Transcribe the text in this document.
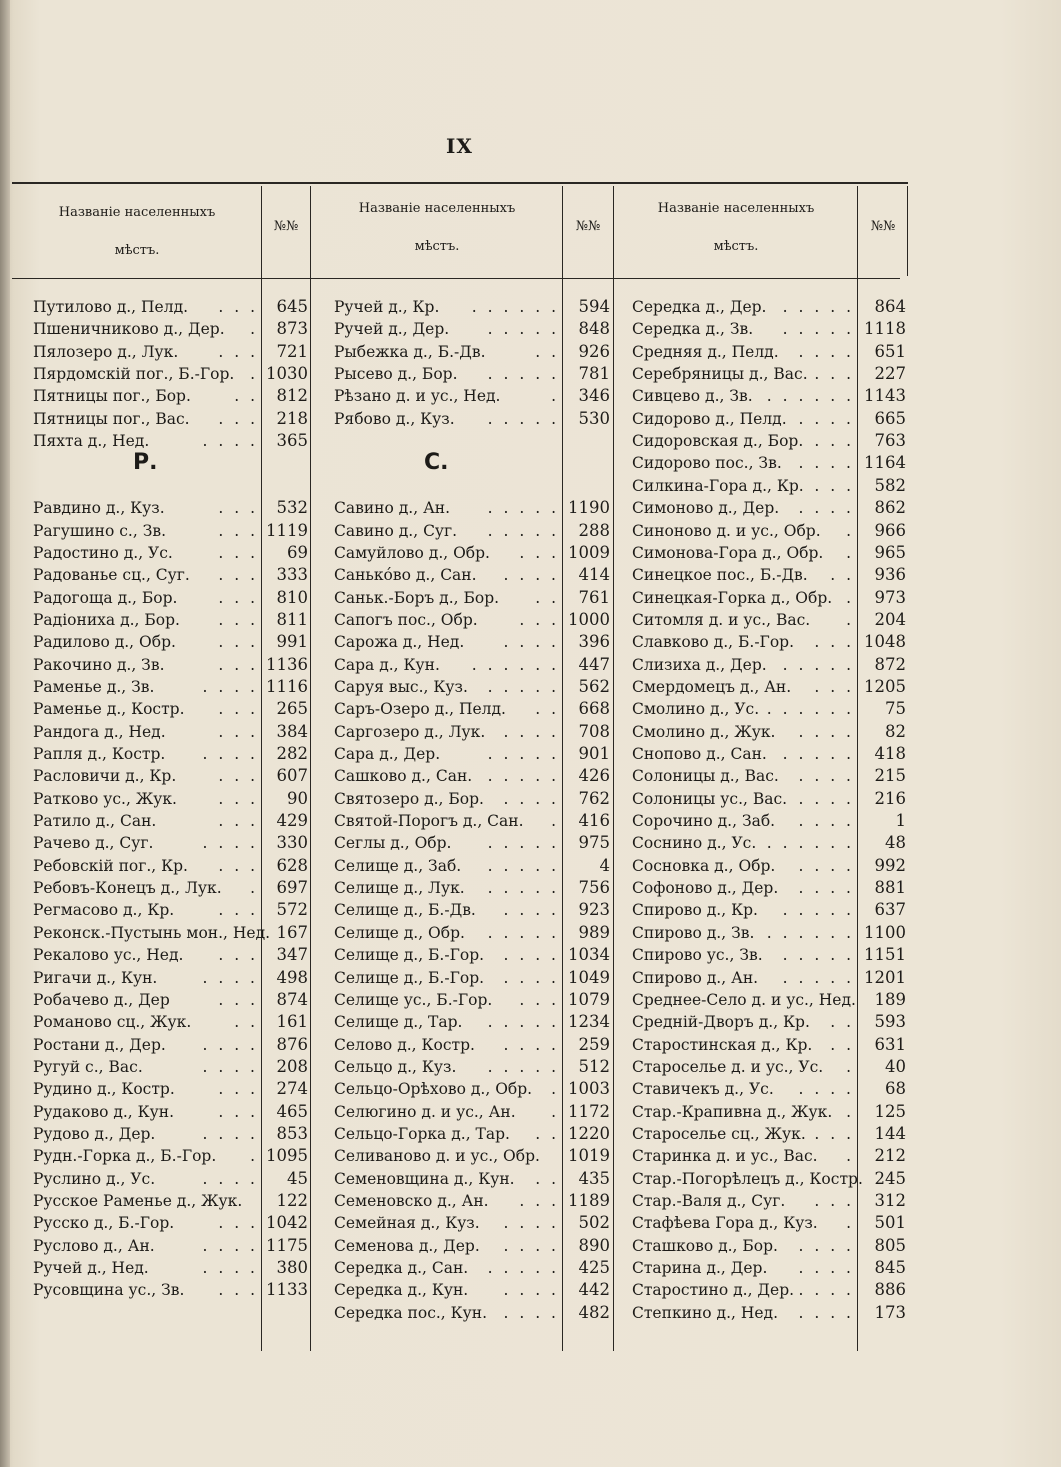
IX
Названіе населенныхъ
мѣстъ.
№№
Названіе населенныхъ
мѣстъ.
№№
Названіе населенныхъ
мѣстъ.
№№
Путилово д., Пелд. . . .	645
Пшеничниково д., Дер. .	873
Пялозеро д., Лук.	. . .	721
Пярдомскій пог., Б.-Гор. . 1030
Пятницы пог., Бор.	. .	812
Пятницы пог., Вас. . . .	218
Пяхта д., Нед.	. . . .	365
Р.
Равдино д., Куз.	. . .	532
Рагушино с., Зв.	. . . 1119
Радостино д., Ус.	. . .	69
Радованье сц., Суг. . . .	333
Радогоща д., Бор.	. . .	810
Радіониха д., Бор. . . .	811
Радилово д., Обр.	. . .	991
Ракочино д., Зв.	. . . 1136
Раменье д., Зв.	. . . . 1116
Раменье д., Костр. . . .	265
Рандога д., Нед.	. . .	384
Рапля д., Костр. . . . .	282
Расловичи д., Кр.	. . .	607
Ратково ус., Жук.	. . .	90
Ратило д., Сан.	. . .	429
Рачево д., Суг.	. . . .	330
Ребовскій пог., Кр. . . .	628
Ребовъ-Конецъ д., Лук. .	697
Регмасово д., Кр.	. . .	572
Реконск.-Пустынь мон., Нед. 167
Рекалово ус., Нед. . . .	347
Ригачи д., Кун.	. . . .	498
Робачево д., Дер	. . .	874
Романово сц., Жук.	. .	161
Ростани д., Дер. . . . .	876
Ругуй с., Вас.	. . . .	208
Рудино д., Костр.	. . .	274
Рудаково д., Кун.	. . .	465
Рудово д., Дер.	. . . .	853
Рудн.-Горка д., Б.-Гор. . 1095
Руслино д., Ус.	. . . .	45
Русское Раменье д., Жук.	122
Русско д., Б.-Гор.	. . . 1042
Руслово д., Ан.	. . . . 1175
Ручей д., Нед.	. . . .	380
Русовщина ус., Зв. . . . 1133
Ручей д., Кр. . . . . . .	594
Ручей д., Дер. . . . . .	848
Рыбежка д., Б.-Дв.	. .	926
Рысево д., Бор. . . . . .	781
Рѣзано д. и ус., Нед.	.	346
Рябово д., Куз. . . . . .	530
С.
Савино д., Ан. . . . . . 1190
Савино д., Суг. . . . . .	288
Самуйлово д., Обр. . . . 1009
Санько́во д., Сан. . . . .	414
Саньк.-Боръ д., Бор. . .	761
Сапогъ пос., Обр.	. . . 1000
Сарожа д., Нед.	. . . .	396
Сара д., Кун. . . . . . .	447
Саруя выс., Куз. . . . . .	562
Саръ-Озеро д., Пелд. . .	668
Саргозеро д., Лук. . . . .	708
Сара д., Дер.	. . . . .	901
Сашково д., Сан. . . . . .	426
Святозеро д., Бор. . . . .	762
Святой-Порогъ д., Сан. .	416
Сеглы д., Обр. . . . . .	975
Селище д., Заб. . . . . .	4
Селище д., Лук. . . . . .	756
Селище д., Б.-Дв. . . . .	923
Селище д., Обр. . . . . .	989
Селище д., Б.-Гор. . . . . 1034
Селище д., Б.-Гор. . . . . 1049
Селище ус., Б.-Гор. . . . 1079
Селище д., Тар. . . . . . 1234
Селово д., Костр. . . . .	259
Сельцо д., Куз. . . . . .	512
Сельцо-Орѣхово д., Обр. . 1003
Селюгино д. и ус., Ан. . 1172
Сельцо-Горка д., Тар. . . 1220
Селиваново д. и ус., Обр.	1019
Семеновщина д., Кун. . .	435
Семеновско д., Ан. . . . 1189
Семейная д., Куз. . . . .	502
Семенова д., Дер. . . . .	890
Середка д., Сан. . . . . .	425
Середка д., Кун. . . . .	442
Середка пос., Кун. . . . .	482
Середка д., Дер. . . . . .	864
Середка д., Зв. . . . . . 1118
Средняя д., Пелд. . . . .	651
Серебряницы д., Вас. . . .	227
Сивцево д., Зв. . . . . . . 1143
Сидорово д., Пелд. . . . .	665
Сидоровская д., Бор. . . .	763
Сидорово пос., Зв. . . . . 1164
Силкина-Гора д., Кр. . . .	582
Симоново д., Дер. . . . .	862
Синоново д. и ус., Обр. .	966
Симонова-Гора д., Обр. .	965
Синецкое пос., Б.-Дв. . .	936
Синецкая-Горка д., Обр. .	973
Ситомля д. и ус., Вас. .	204
Славково д., Б.-Гор. . . . 1048
Слизиха д., Дер. . . . . .	872
Смердомецъ д., Ан. . . . 1205
Смолино д., Ус. . . . . . .	75
Смолино д., Жук. . . . .	82
Снопово д., Сан. . . . . .	418
Солоницы д., Вас. . . . .	215
Солоницы ус., Вас. . . . .	216
Сорочино д., Заб. . . . .	1
Соснино д., Ус. . . . . . .	48
Сосновка д., Обр. . . . .	992
Софоново д., Дер. . . . .	881
Спирово д., Кр. . . . . .	637
Спирово д., Зв. . . . . . . 1100
Спирово ус., Зв. . . . . . 1151
Спирово д., Ан. . . . . . 1201
Среднее-Село д. и ус., Нед.	189
Средній-Дворъ д., Кр. . .	593
Старостинская д., Кр. . .	631
Староселье д. и ус., Ус. .	40
Ставичекъ д., Ус. . . . .	68
Стар.-Крапивна д., Жук. .	125
Староселье сц., Жук. . . .	144
Старинка д. и ус., Вас. .	212
Стар.-Погорѣлецъ д., Костр. 245
Стар.-Валя д., Суг. . . .	312
Стафѣева Гора д., Куз. .	501
Сташково д., Бор. . . . .	805
Старина д., Дер. . . . .	845
Старостино д., Дер. . . . .	886
Степкино д., Нед. . . . .	173
